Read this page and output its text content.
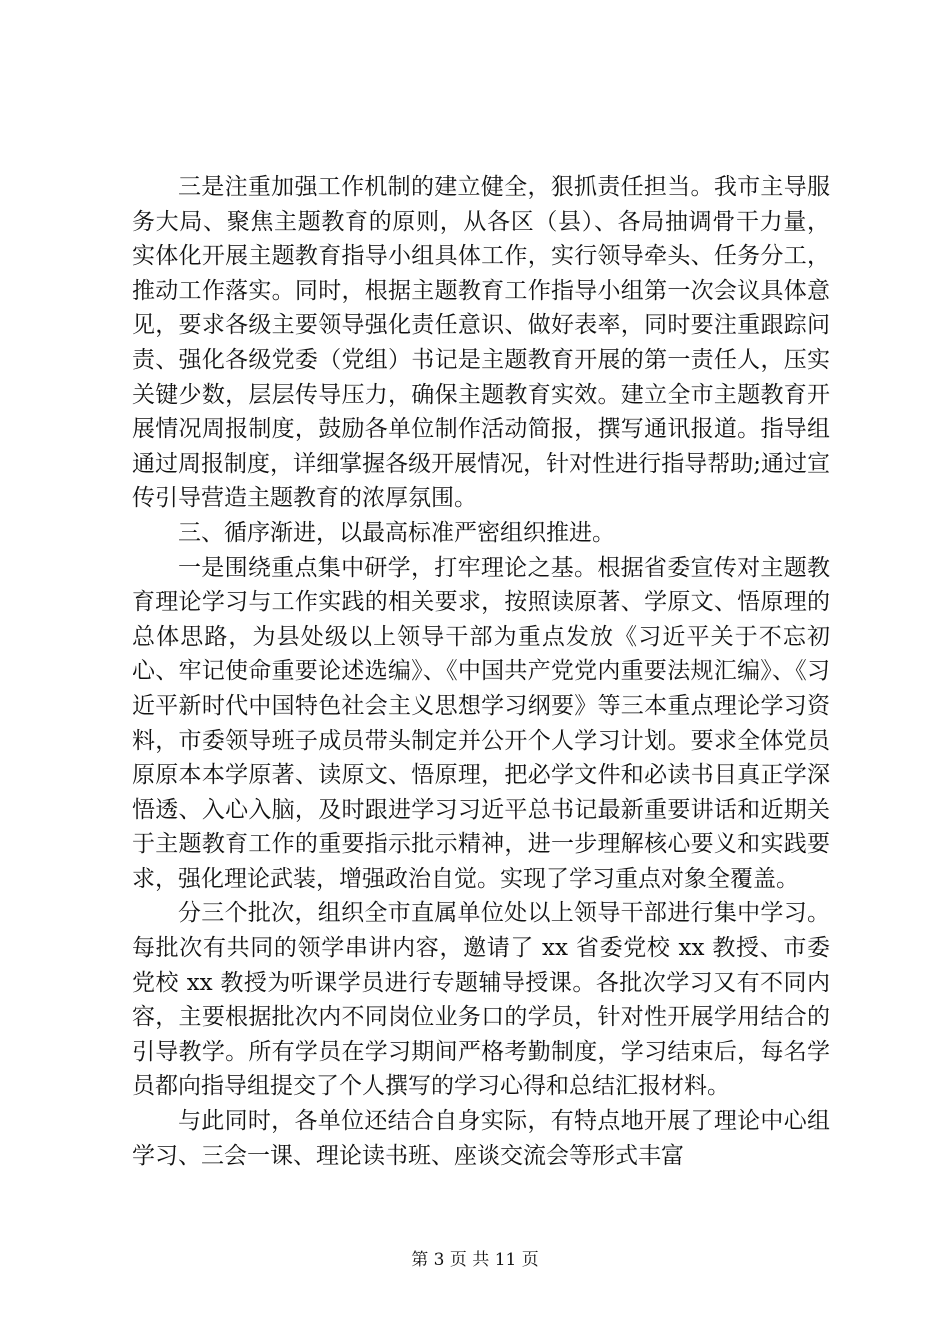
三是注重加强工作机制的建立健全，狠抓责任担当。我市主导服务大局、聚焦主题教育的原则，从各区（县）、各局抽调骨干力量，实体化开展主题教育指导小组具体工作，实行领导牵头、任务分工，推动工作落实。同时，根据主题教育工作指导小组第一次会议具体意见，要求各级主要领导强化责任意识、做好表率，同时要注重跟踪问责、强化各级党委（党组）书记是主题教育开展的第一责任人，压实关键少数，层层传导压力，确保主题教育实效。建立全市主题教育开展情况周报制度，鼓励各单位制作活动简报，撰写通讯报道。指导组通过周报制度，详细掌握各级开展情况，针对性进行指导帮助;通过宣传引导营造主题教育的浓厚氛围。

三、循序渐进，以最高标准严密组织推进。

一是围绕重点集中研学，打牢理论之基。根据省委宣传对主题教育理论学习与工作实践的相关要求，按照读原著、学原文、悟原理的总体思路，为县处级以上领导干部为重点发放《习近平关于不忘初心、牢记使命重要论述选编》、《中国共产党党内重要法规汇编》、《习近平新时代中国特色社会主义思想学习纲要》等三本重点理论学习资料，市委领导班子成员带头制定并公开个人学习计划。要求全体党员原原本本学原著、读原文、悟原理，把必学文件和必读书目真正学深悟透、入心入脑，及时跟进学习习近平总书记最新重要讲话和近期关于主题教育工作的重要指示批示精神，进一步理解核心要义和实践要求，强化理论武装，增强政治自觉。实现了学习重点对象全覆盖。

分三个批次，组织全市直属单位处以上领导干部进行集中学习。每批次有共同的领学串讲内容，邀请了 xx 省委党校 xx 教授、市委党校 xx 教授为听课学员进行专题辅导授课。各批次学习又有不同内容，主要根据批次内不同岗位业务口的学员，针对性开展学用结合的引导教学。所有学员在学习期间严格考勤制度，学习结束后，每名学员都向指导组提交了个人撰写的学习心得和总结汇报材料。

与此同时，各单位还结合自身实际，有特点地开展了理论中心组学习、三会一课、理论读书班、座谈交流会等形式丰富

第 3 页 共 11 页
